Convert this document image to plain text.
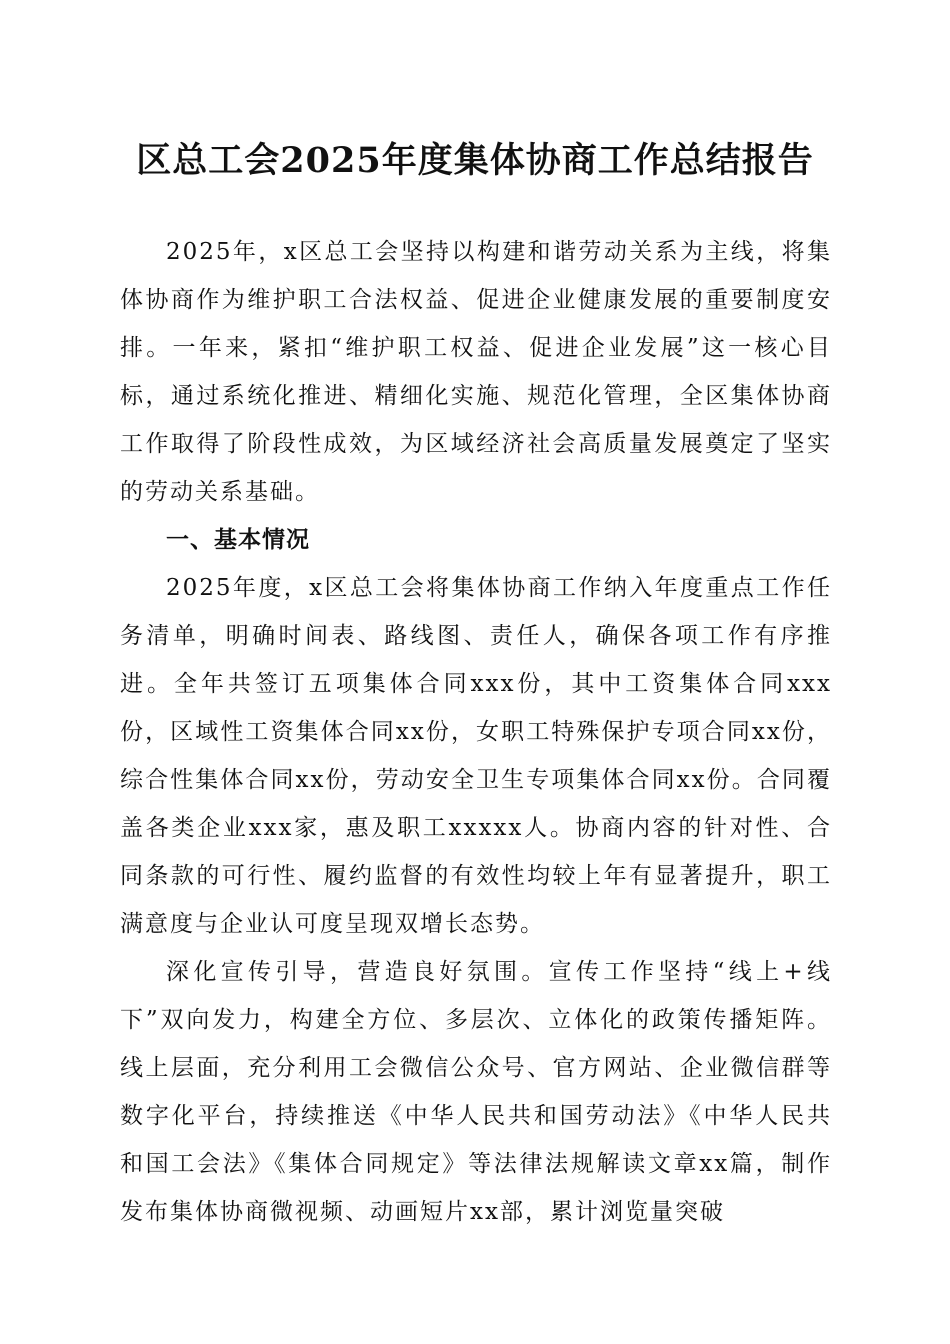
区总工会2025年度集体协商工作总结报告

2025年，x区总工会坚持以构建和谐劳动关系为主线，将集体协商作为维护职工合法权益、促进企业健康发展的重要制度安排。一年来，紧扣“维护职工权益、促进企业发展”这一核心目标，通过系统化推进、精细化实施、规范化管理，全区集体协商工作取得了阶段性成效，为区域经济社会高质量发展奠定了坚实的劳动关系基础。

一、基本情况

2025年度，x区总工会将集体协商工作纳入年度重点工作任务清单，明确时间表、路线图、责任人，确保各项工作有序推进。全年共签订五项集体合同xxx份，其中工资集体合同xxx份，区域性工资集体合同xx份，女职工特殊保护专项合同xx份，综合性集体合同xx份，劳动安全卫生专项集体合同xx份。合同覆盖各类企业xxx家，惠及职工xxxxx人。协商内容的针对性、合同条款的可行性、履约监督的有效性均较上年有显著提升，职工满意度与企业认可度呈现双增长态势。

深化宣传引导，营造良好氛围。宣传工作坚持“线上+线下”双向发力，构建全方位、多层次、立体化的政策传播矩阵。线上层面，充分利用工会微信公众号、官方网站、企业微信群等数字化平台，持续推送《中华人民共和国劳动法》《中华人民共和国工会法》《集体合同规定》等法律法规解读文章xx篇，制作发布集体协商微视频、动画短片xx部，累计浏览量突破
